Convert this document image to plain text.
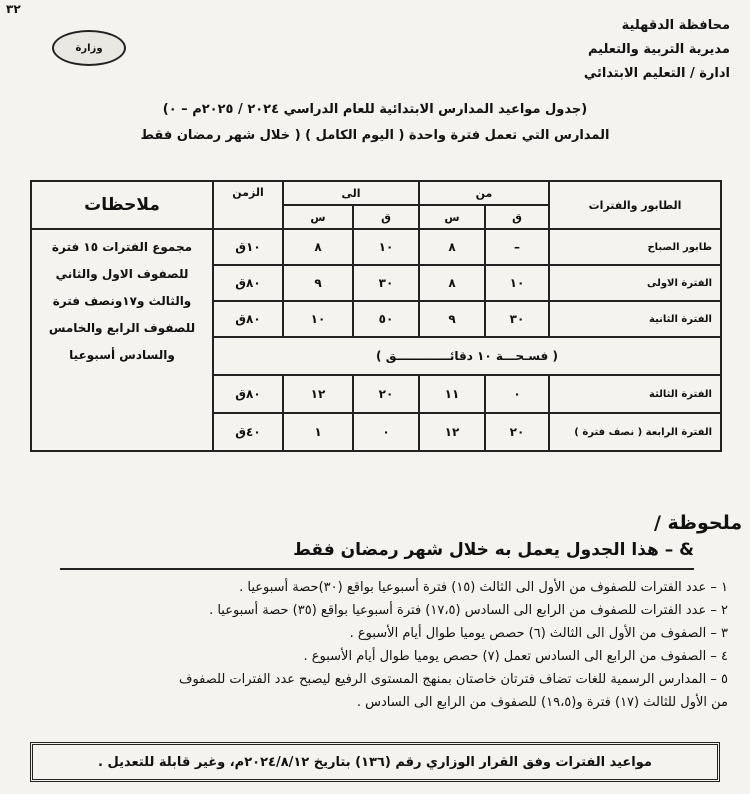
٣٢
محافظة الدقهلية
مديرية التربية والتعليم
ادارة / التعليم الابتدائي
وزارة
(جدول مواعيد المدارس الابتدائية للعام الدراسي ٢٠٢٤ / ٢٠٢٥م – ٠)
المدارس التي تعمل فترة واحدة ( اليوم الكامل ) ( خلال شهر رمضان فقط
الطابور والفترات	من		الى		الزمن	ملاحظات
	ق	س	ق	س		
طابور الصباح	–	٨	١٠	٨	١٠ق	مجموع الفترات ١٥ فترة
للصفوف الاول والثاني
والثالث و١٧ونصف فترة
للصفوف الرابع والخامس
والسادس أسبوعيا

الفترة الاولى	١٠	٨	٣٠	٩	٨٠ق	
الفترة الثانية	٣٠	٩	٥٠	١٠	٨٠ق	
( فسـحـــة ١٠ دقائـــــــــــــق )						
الفترة الثالثة	٠	١١	٢٠	١٢	٨٠ق	
الفترة الرابعة ( نصف فترة )	٢٠	١٢	٠	١	٤٠ق	
ملحوظة /
& – هذا الجدول يعمل به خلال شهر رمضان فقط
١ – عدد الفترات للصفوف من الأول الى الثالث (١٥) فترة أسبوعيا بواقع (٣٠)حصة أسبوعيا .
٢ – عدد الفترات للصفوف من الرابع الى السادس (١٧،٥) فترة أسبوعيا بواقع (٣٥) حصة أسبوعيا .
٣ – الصفوف من الأول الى الثالث (٦) حصص يوميا طوال أيام الأسبوع .
٤ – الصفوف من الرابع الى السادس تعمل (٧) حصص يوميا طوال أيام الأسبوع .
٥ – المدارس الرسمية للغات تضاف فترتان خاصتان بمنهج المستوى الرفيع ليصبح عدد الفترات للصفوف
من الأول للثالث (١٧) فترة و(١٩،٥) للصفوف من الرابع الى السادس .
مواعيد الفترات وفق القرار الوزاري رقم (١٣٦) بتاريخ ٢٠٢٤/٨/١٢م، وغير قابلة للتعديل .
